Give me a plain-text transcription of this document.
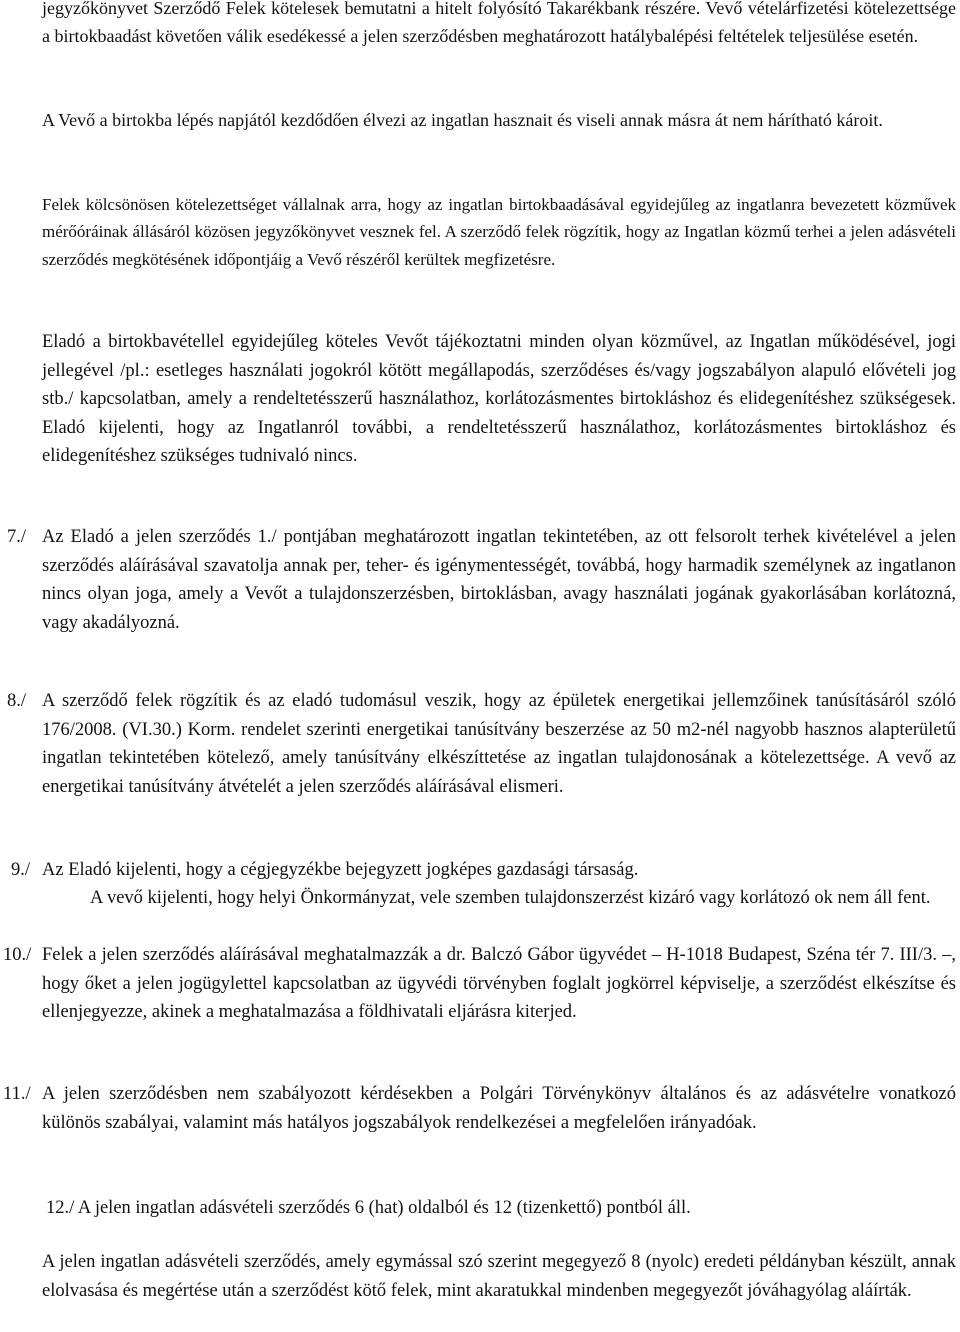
jegyzőkönyvet Szerződő Felek kötelesek bemutatni a hitelt folyósító Takarékbank részére. Vevő vételárfizetési kötelezettsége a birtokbaadást követően válik esedékessé a jelen szerződésben meghatározott hatálybalépési feltételek teljesülése esetén.

A Vevő a birtokba lépés napjától kezdődően élvezi az ingatlan hasznait és viseli annak másra át nem hárítható károit.

Felek kölcsönösen kötelezettséget vállalnak arra, hogy az ingatlan birtokbaadásával egyidejűleg az ingatlanra bevezetett közművek mérőóráinak állásáról közösen jegyzőkönyvet vesznek fel. A szerződő felek rögzítik, hogy az Ingatlan közmű terhei a jelen adásvételi szerződés megkötésének időpontjáig a Vevő részéről kerültek megfizetésre.

Eladó a birtokbavétellel egyidejűleg köteles Vevőt tájékoztatni minden olyan közművel, az Ingatlan működésével, jogi jellegével /pl.: esetleges használati jogokról kötött megállapodás, szerződéses és/vagy jogszabályon alapuló elővételi jog stb./ kapcsolatban, amely a rendeltetésszerű használathoz, korlátozásmentes birtokláshoz és elidegenítéshez szükségesek. Eladó kijelenti, hogy az Ingatlanról további, a rendeltetésszerű használathoz, korlátozásmentes birtokláshoz és elidegenítéshez szükséges tudnivaló nincs.

7./ Az Eladó a jelen szerződés 1./ pontjában meghatározott ingatlan tekintetében, az ott felsorolt terhek kivételével a jelen szerződés aláírásával szavatolja annak per, teher- és igénymentességét, továbbá, hogy harmadik személynek az ingatlanon nincs olyan joga, amely a Vevőt a tulajdonszerzésben, birtoklásban, avagy használati jogának gyakorlásában korlátozná, vagy akadályozná.

8./ A szerződő felek rögzítik és az eladó tudomásul veszik, hogy az épületek energetikai jellemzőinek tanúsításáról szóló 176/2008. (VI.30.) Korm. rendelet szerinti energetikai tanúsítvány beszerzése az 50 m2-nél nagyobb hasznos alapterületű ingatlan tekintetében kötelező, amely tanúsítvány elkészíttetése az ingatlan tulajdonosának a kötelezettsége. A vevő az energetikai tanúsítvány átvételét a jelen szerződés aláírásával elismeri.

9./ Az Eladó kijelenti, hogy a cégjegyzékbe bejegyzett jogképes gazdasági társaság.

A vevő kijelenti, hogy helyi Önkormányzat, vele szemben tulajdonszerzést kizáró vagy korlátozó ok nem áll fent.

10./ Felek a jelen szerződés aláírásával meghatalmazzák a dr. Balczó Gábor ügyvédet – H-1018 Budapest, Széna tér 7. III/3. –, hogy őket a jelen jogügylettel kapcsolatban az ügyvédi törvényben foglalt jogkörrel képviselje, a szerződést elkészítse és ellenjegyezze, akinek a meghatalmazása a földhivatali eljárásra kiterjed.

11./ A jelen szerződésben nem szabályozott kérdésekben a Polgári Törvénykönyv általános és az adásvételre vonatkozó különös szabályai, valamint más hatályos jogszabályok rendelkezései a megfelelően irányadóak.

12./ A jelen ingatlan adásvételi szerződés 6 (hat) oldalból és 12 (tizenkettő) pontból áll.

A jelen ingatlan adásvételi szerződés, amely egymással szó szerint megegyező 8 (nyolc) eredeti példányban készült, annak elolvasása és megértése után a szerződést kötő felek, mint akaratukkal mindenben megegyezőt jóváhagyólag aláírták.
